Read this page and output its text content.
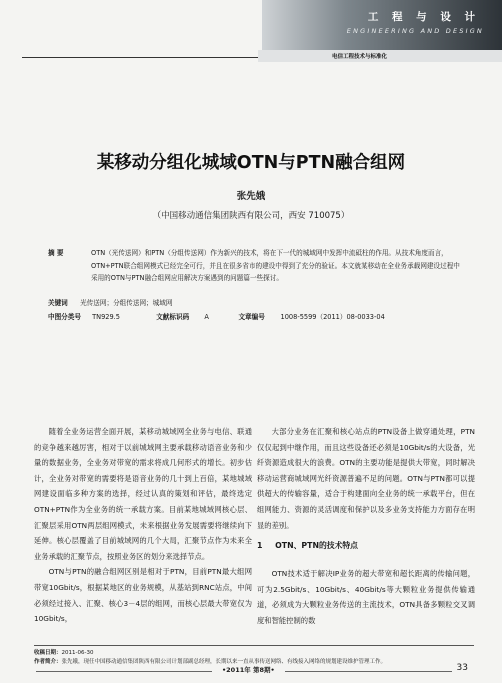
工 程 与 设 计
ENGINEERING AND DESIGN
电信工程技术与标准化
某移动分组化城域OTN与PTN融合组网
张先娥
（中国移动通信集团陕西有限公司，西安 710075）
摘 要	OTN（光传送网）和PTN（分组传送网）作为新兴的技术，将在下一代的城域网中发挥中流砥柱的作用。从技术角度而言，OTN+PTN联合组网模式已经完全可行，并且在很多省市的建设中得到了充分的验证。本文就某移动在全业务承载网建设过程中采用的OTN与PTN融合组网应用解决方案遇到的问题篇一些探讨。
关键词 光传送网；分组传送网；城域网
中图分类号 TN929.5	文献标识码 A	文章编号 1008-5599（2011）08-0033-04
随着全业务运营全面开展，某移动城域网全业务与电信、联通的竞争越来越厉害，相对于以前城域网主要承载移动语音业务和少量的数据业务，全业务对带宽的需求将成几何形式的增长。初步估计，全业务对带宽的需要将是语音业务的几十到上百倍，某地城域网建设面临多种方案的选择，经过认真的策划和评估，最终选定OTN+PTN作为全业务的统一承载方案。目前某地城域网核心层、汇聚层采用OTN两层组网模式，未来根据业务发展需要将继续向下延伸。核心层覆盖了目前城域网的几个大局，汇聚节点作为未来全业务承载的汇聚节点，按照业务区的划分来选择节点。
OTN与PTN的融合组网区别是相对于PTN，目前PTN最大组网带宽10Gbit/s，根据某地区的业务规模，从基站到RNC站点，中间必须经过接入、汇聚、核心3－4层的组网，而核心层最大带宽仅为10Gbit/s，
大部分业务在汇聚和核心站点的PTN设备上做穿通处理，PTN仅仅起到中继作用，而且这些设备还必须是10Gbit/s的大设备，光纤资源造成很大的浪费。OTN的主要功能是提供大带宽，同时解决移动运营商城域网光纤资源普遍不足的问题。OTN与PTN都可以提供超大的传输容量，适合于构建面向全业务的统一承载平台，但在组网能力、资源的灵活调度和保护以及多业务支持能力方面存在明显的差别。
1 OTN、PTN的技术特点
OTN技术适于解决IP业务的超大带宽和超长距离的传输问题，可为2.5Gbit/s、10Gbit/s、40Gbit/s等大颗粒业务提供传输通道，必须成为大颗粒业务传送的主流技术，OTN具备多颗粒交叉调度和智能控制的数
收稿日期：2011-06-30
作者简介：张先娥，现任中国移动通信集团陕西有限公司计划部副总经理，长期以来一直从事传送网络、有线接入网络的规划建设维护管理工作。
•2011年 第8期•	33
